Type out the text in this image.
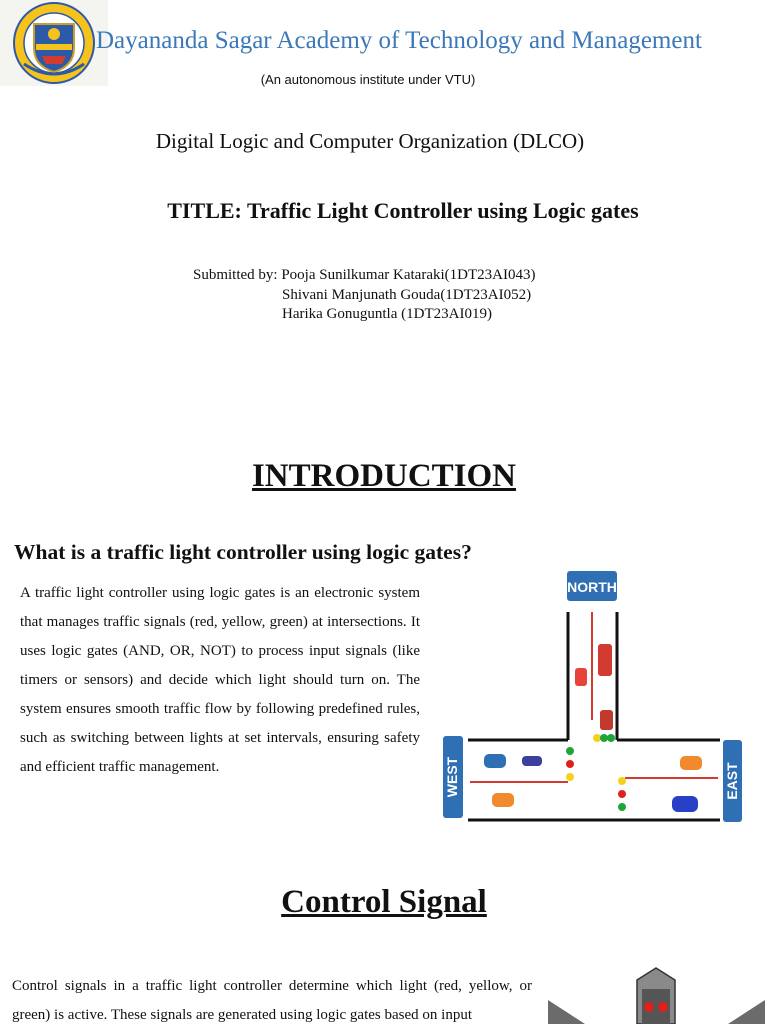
Dayananda Sagar Academy of Technology and Management
(An autonomous institute under VTU)
Digital Logic and Computer Organization (DLCO)
TITLE: Traffic Light Controller using Logic gates
Submitted by: Pooja Sunilkumar Kataraki(1DT23AI043)
Shivani Manjunath Gouda(1DT23AI052)
Harika Gonuguntla (1DT23AI019)
INTRODUCTION
What is a traffic light controller using logic gates?
A traffic light controller using logic gates is an electronic system that manages traffic signals (red, yellow, green) at intersections. It uses logic gates (AND, OR, NOT) to process input signals (like timers or sensors) and decide which light should turn on. The system ensures smooth traffic flow by following predefined rules, such as switching between lights at set intervals, ensuring safety and efficient traffic management.
NORTH
WEST	EAST
Control Signal
Control signals in a traffic light controller determine which light (red, yellow, or green) is active. These signals are generated using logic gates based on input
